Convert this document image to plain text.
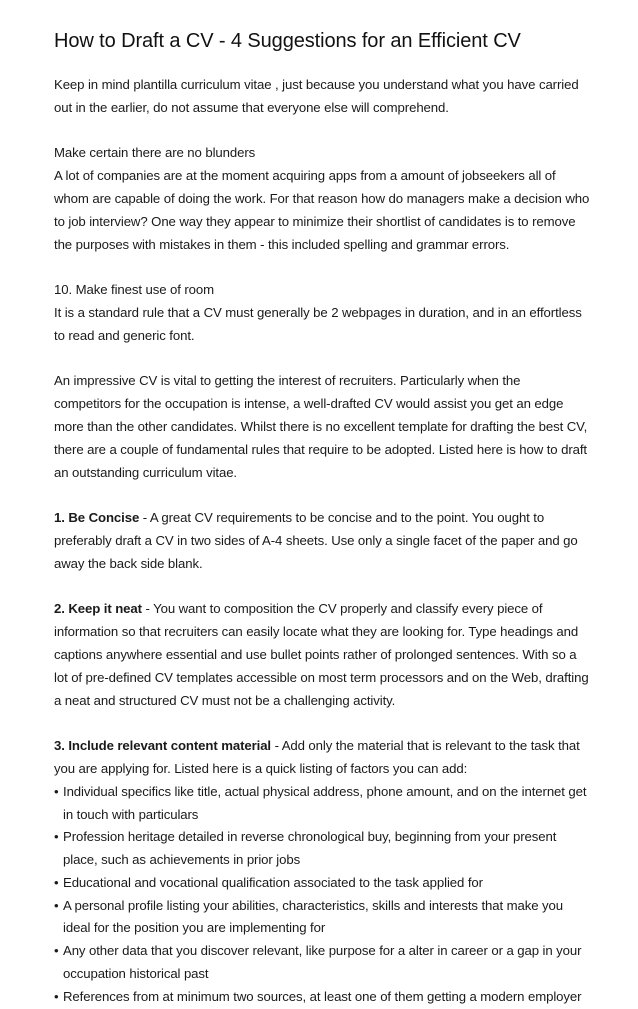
How to Draft a CV - 4 Suggestions for an Efficient CV

Keep in mind plantilla curriculum vitae , just because you understand what you have carried
out in the earlier, do not assume that everyone else will comprehend.

Make certain there are no blunders
A lot of companies are at the moment acquiring apps from a amount of jobseekers all of
whom are capable of doing the work. For that reason how do managers make a decision who
to job interview? One way they appear to minimize their shortlist of candidates is to remove
the purposes with mistakes in them - this included spelling and grammar errors.

10. Make finest use of room
It is a standard rule that a CV must generally be 2 webpages in duration, and in an effortless
to read and generic font.

An impressive CV is vital to getting the interest of recruiters. Particularly when the
competitors for the occupation is intense, a well-drafted CV would assist you get an edge
more than the other candidates. Whilst there is no excellent template for drafting the best CV,
there are a couple of fundamental rules that require to be adopted. Listed here is how to draft
an outstanding curriculum vitae.

1. Be Concise - A great CV requirements to be concise and to the point. You ought to
preferably draft a CV in two sides of A-4 sheets. Use only a single facet of the paper and go
away the back side blank.

2. Keep it neat - You want to composition the CV properly and classify every piece of
information so that recruiters can easily locate what they are looking for. Type headings and
captions anywhere essential and use bullet points rather of prolonged sentences. With so a
lot of pre-defined CV templates accessible on most term processors and on the Web, drafting
a neat and structured CV must not be a challenging activity.

3. Include relevant content material - Add only the material that is relevant to the task that
you are applying for. Listed here is a quick listing of factors you can add:

• Individual specifics like title, actual physical address, phone amount, and on the internet get
in touch with particulars
• Profession heritage detailed in reverse chronological buy, beginning from your present
place, such as achievements in prior jobs
• Educational and vocational qualification associated to the task applied for
• A personal profile listing your abilities, characteristics, skills and interests that make you
ideal for the position you are implementing for
• Any other data that you discover relevant, like purpose for a alter in career or a gap in your
occupation historical past
• References from at minimum two sources, at least one of them getting a modern employer
